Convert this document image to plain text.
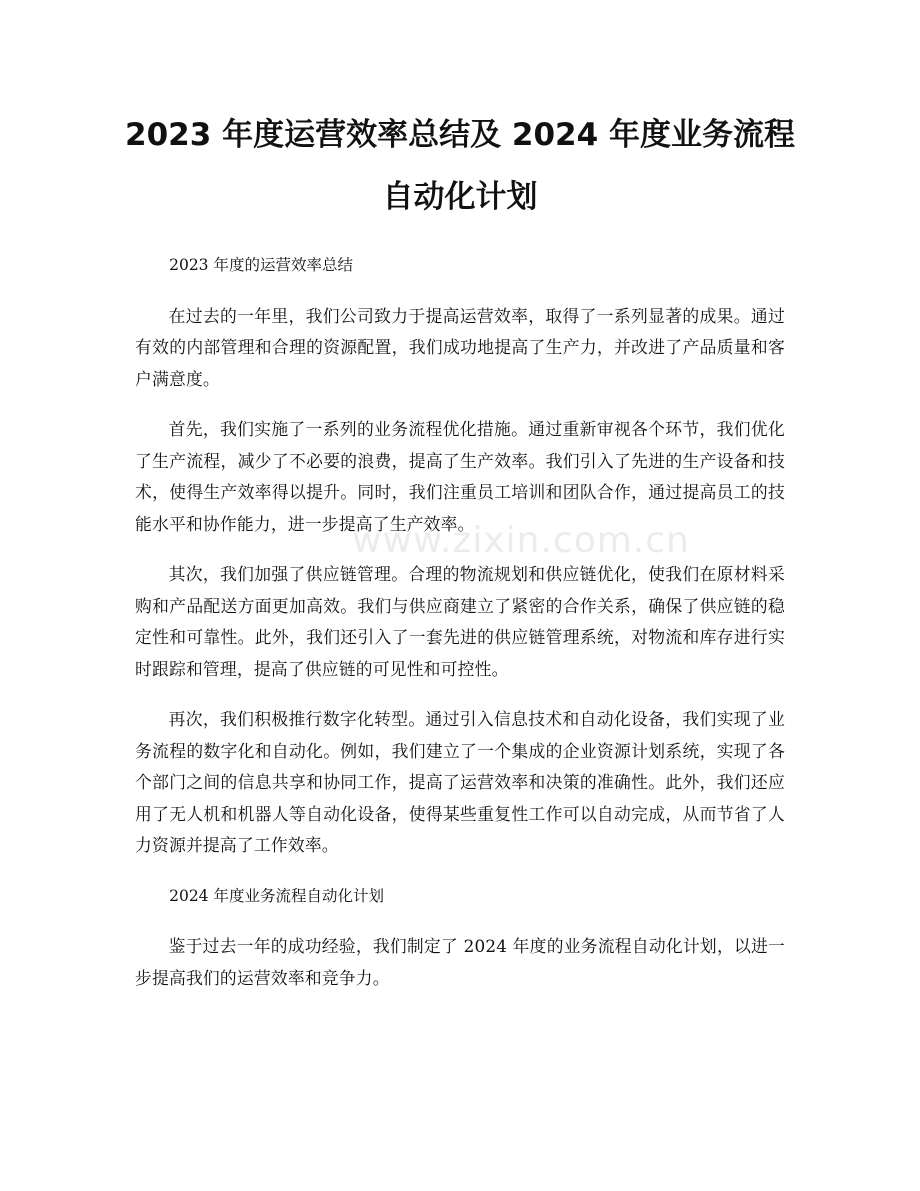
2023 年度运营效率总结及 2024 年度业务流程自动化计划

2023 年度的运营效率总结

在过去的一年里，我们公司致力于提高运营效率，取得了一系列显著的成果。通过有效的内部管理和合理的资源配置，我们成功地提高了生产力，并改进了产品质量和客户满意度。

首先，我们实施了一系列的业务流程优化措施。通过重新审视各个环节，我们优化了生产流程，减少了不必要的浪费，提高了生产效率。我们引入了先进的生产设备和技术，使得生产效率得以提升。同时，我们注重员工培训和团队合作，通过提高员工的技能水平和协作能力，进一步提高了生产效率。

其次，我们加强了供应链管理。合理的物流规划和供应链优化，使我们在原材料采购和产品配送方面更加高效。我们与供应商建立了紧密的合作关系，确保了供应链的稳定性和可靠性。此外，我们还引入了一套先进的供应链管理系统，对物流和库存进行实时跟踪和管理，提高了供应链的可见性和可控性。

再次，我们积极推行数字化转型。通过引入信息技术和自动化设备，我们实现了业务流程的数字化和自动化。例如，我们建立了一个集成的企业资源计划系统，实现了各个部门之间的信息共享和协同工作，提高了运营效率和决策的准确性。此外，我们还应用了无人机和机器人等自动化设备，使得某些重复性工作可以自动完成，从而节省了人力资源并提高了工作效率。

2024 年度业务流程自动化计划

鉴于过去一年的成功经验，我们制定了 2024 年度的业务流程自动化计划，以进一步提高我们的运营效率和竞争力。

www.zixin.com.cn
